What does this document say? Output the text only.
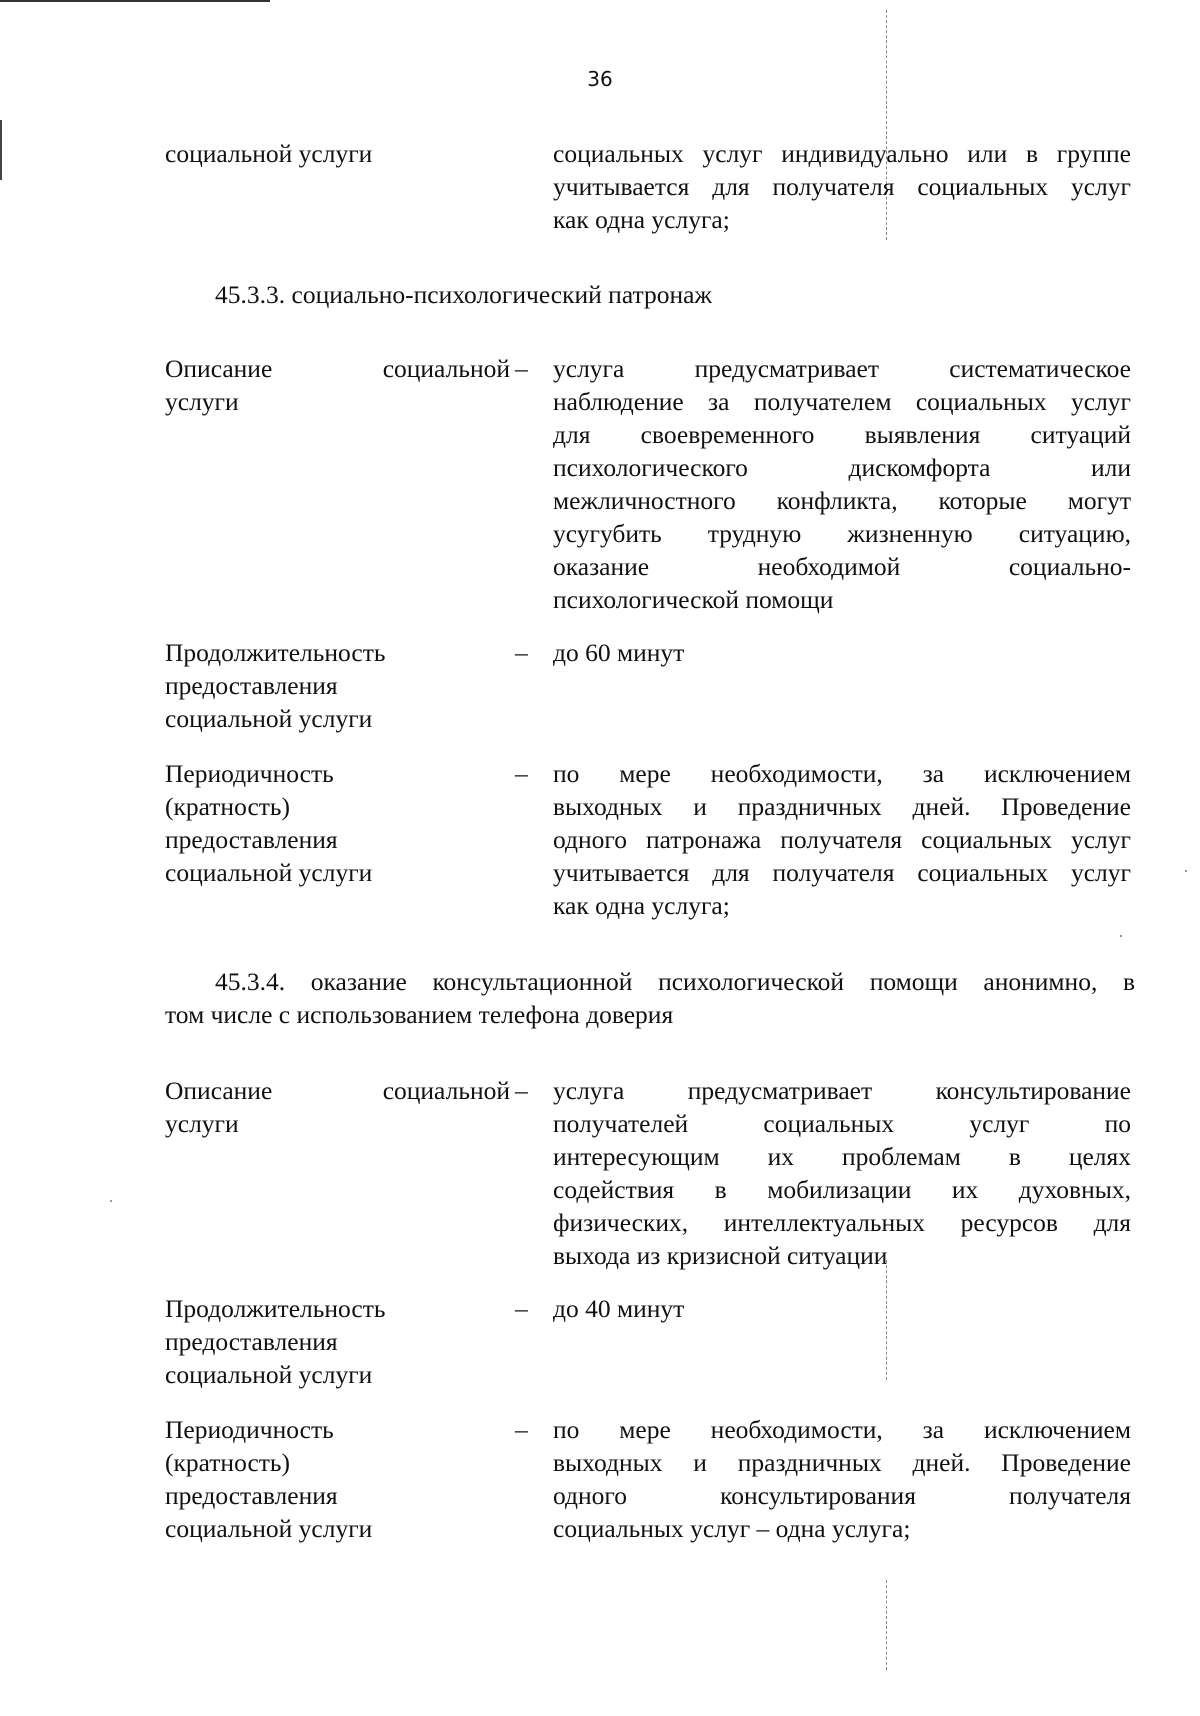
36
социальной услуги	социальных услуг индивидуально или в группе
учитывается для получателя социальных услуг
как одна услуга;
45.3.3. социально-психологический патронаж
Описание социальной
услуги
– услуга предусматривает систематическое
наблюдение за получателем социальных услуг
для своевременного выявления ситуаций
психологического дискомфорта или
межличностного конфликта, которые могут
усугубить трудную жизненную ситуацию,
оказание необходимой социально-
психологической помощи
Продолжительность
предоставления
социальной услуги
– до 60 минут
Периодичность
(кратность)
предоставления
социальной услуги
– по мере необходимости, за исключением
выходных и праздничных дней. Проведение
одного патронажа получателя социальных услуг
учитывается для получателя социальных услуг
как одна услуга;
45.3.4. оказание консультационной психологической помощи анонимно, в
том числе с использованием телефона доверия
Описание социальной
услуги
– услуга предусматривает консультирование
получателей социальных услуг по
интересующим их проблемам в целях
содействия в мобилизации их духовных,
физических, интеллектуальных ресурсов для
выхода из кризисной ситуации
Продолжительность
предоставления
социальной услуги
– до 40 минут
Периодичность
(кратность)
предоставления
социальной услуги
– по мере необходимости, за исключением
выходных и праздничных дней. Проведение
одного консультирования получателя
социальных услуг – одна услуга;
